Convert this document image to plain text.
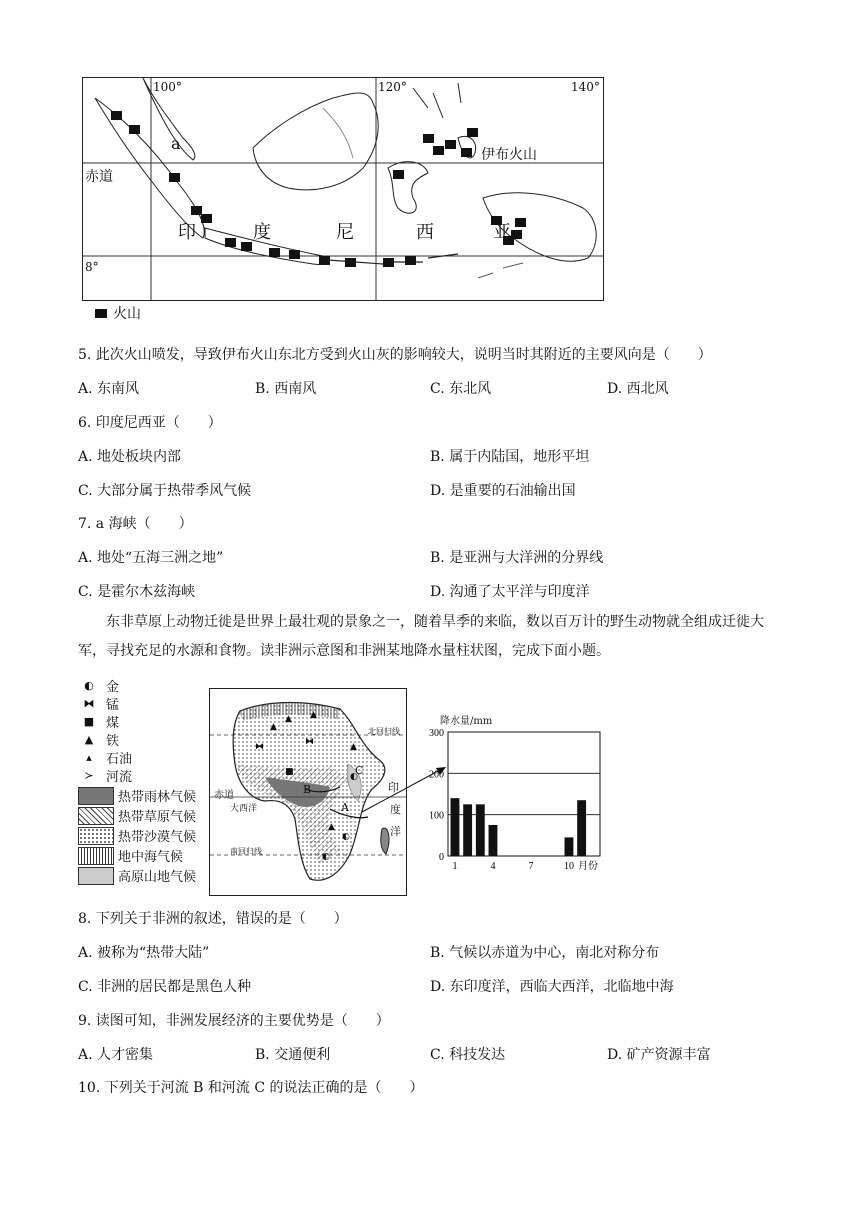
100°	120°	140°
赤道
8°
a
伊布火山
印	度	尼	西	亚
火山
5. 此次火山喷发，导致伊布火山东北方受到火山灰的影响较大，说明当时其附近的主要风向是（　　）
A. 东南风	B. 西南风	C. 东北风	D. 西北风
6. 印度尼西亚（　　）
A. 地处板块内部	B. 属于内陆国，地形平坦
C. 大部分属于热带季风气候	D. 是重要的石油输出国
7. a 海峡（　　）
A. 地处“五海三洲之地”	B. 是亚洲与大洋洲的分界线
C. 是霍尔木兹海峡	D. 沟通了太平洋与印度洋
东非草原上动物迁徙是世界上最壮观的景象之一，随着旱季的来临，数以百万计的野生动物就全组成迁徙大军，寻找充足的水源和食物。读非洲示意图和非洲某地降水量柱状图，完成下面小题。
◐ 金
⧓ 锰
■ 煤
▲ 铁
▴	石油
≻ 河流
热带雨林气候
热带草原气候
热带沙漠气候
地中海气候
高原山地气候
▲ ▲
▲
⧓	⧓	▲
▲
◐
◐
■	◐
北回归线
赤道
大西洋
南回归线
B
A
C
印
度
洋
降水量/mm
0
100
200
300
1	4	7	10 月份
8. 下列关于非洲的叙述，错误的是（　　）
A. 被称为“热带大陆”	B. 气候以赤道为中心，南北对称分布
C. 非洲的居民都是黑色人种	D. 东印度洋，西临大西洋，北临地中海
9. 读图可知，非洲发展经济的主要优势是（　　）
A. 人才密集	B. 交通便利	C. 科技发达	D. 矿产资源丰富
10. 下列关于河流 B 和河流 C 的说法正确的是（　　）
